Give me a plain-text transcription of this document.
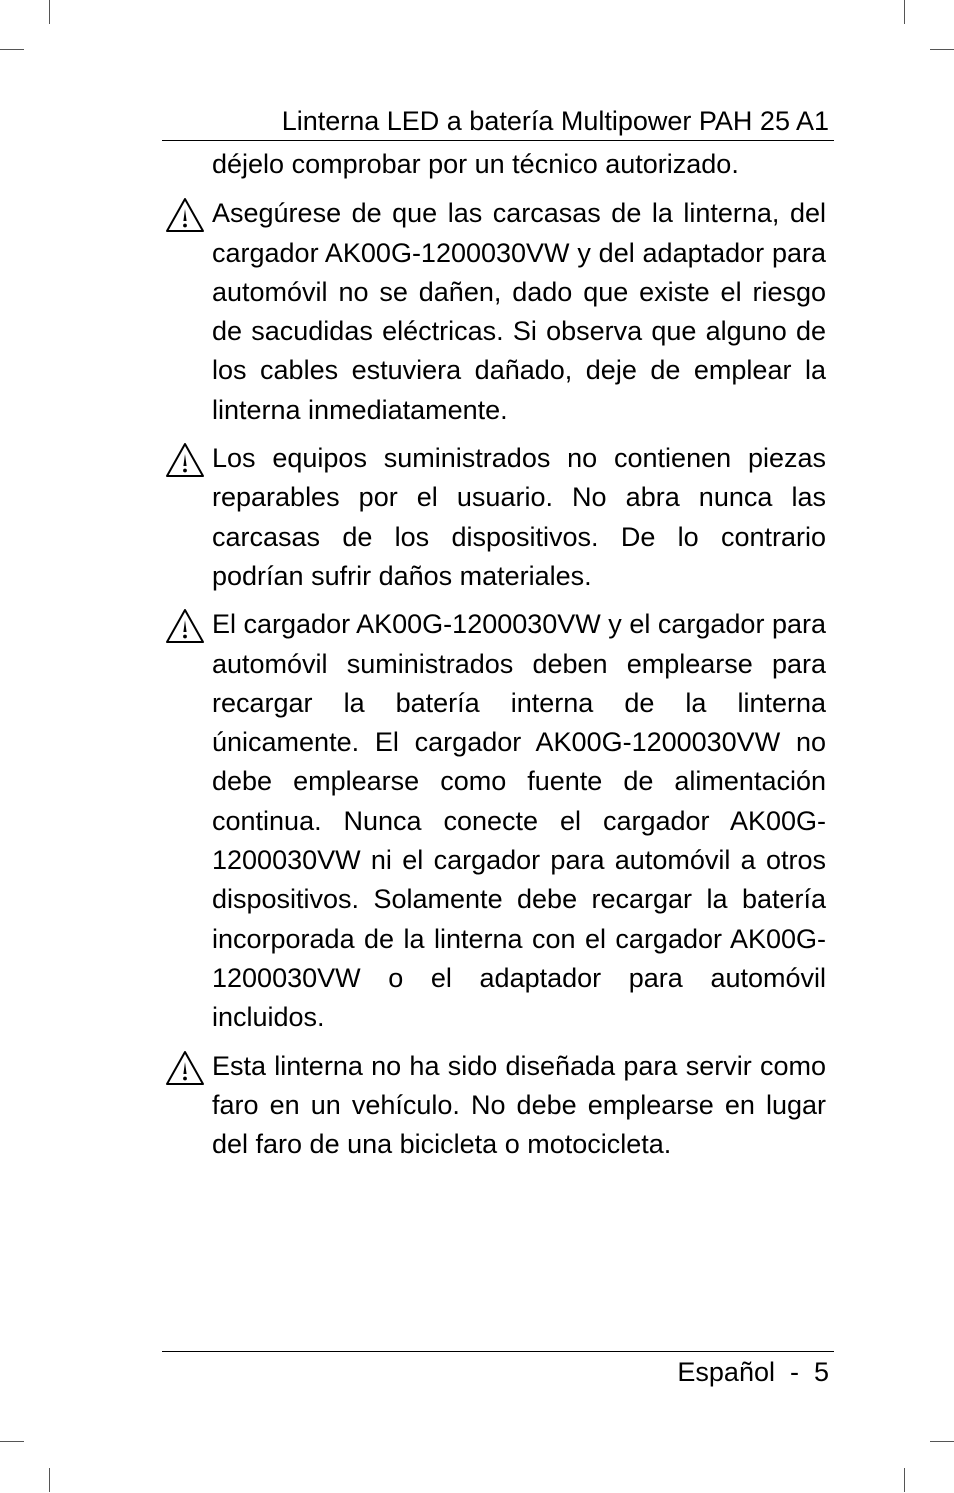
Linterna LED a batería Multipower PAH 25 A1

déjelo comprobar por un técnico autorizado.

Asegúrese de que las carcasas de la linterna, del cargador AK00G-1200030VW y del adaptador para automóvil no se dañen, dado que existe el riesgo de sacudidas eléctricas. Si observa que alguno de los cables estuviera dañado, deje de emplear la linterna inmediatamente.

Los equipos suministrados no contienen piezas reparables por el usuario. No abra nunca las carcasas de los dispositivos. De lo contrario podrían sufrir daños materiales.

El cargador AK00G-1200030VW y el cargador para automóvil suministrados deben emplearse para recargar la batería interna de la linterna únicamente. El cargador AK00G-1200030VW no debe emplearse como fuente de alimentación continua. Nunca conecte el cargador AK00G-1200030VW ni el cargador para automóvil a otros dispositivos. Solamente debe recargar la batería incorporada de la linterna con el cargador AK00G-1200030VW o el adaptador para automóvil incluidos.

Esta linterna no ha sido diseñada para servir como faro en un vehículo. No debe emplearse en lugar del faro de una bicicleta o motocicleta.

Español  -  5
